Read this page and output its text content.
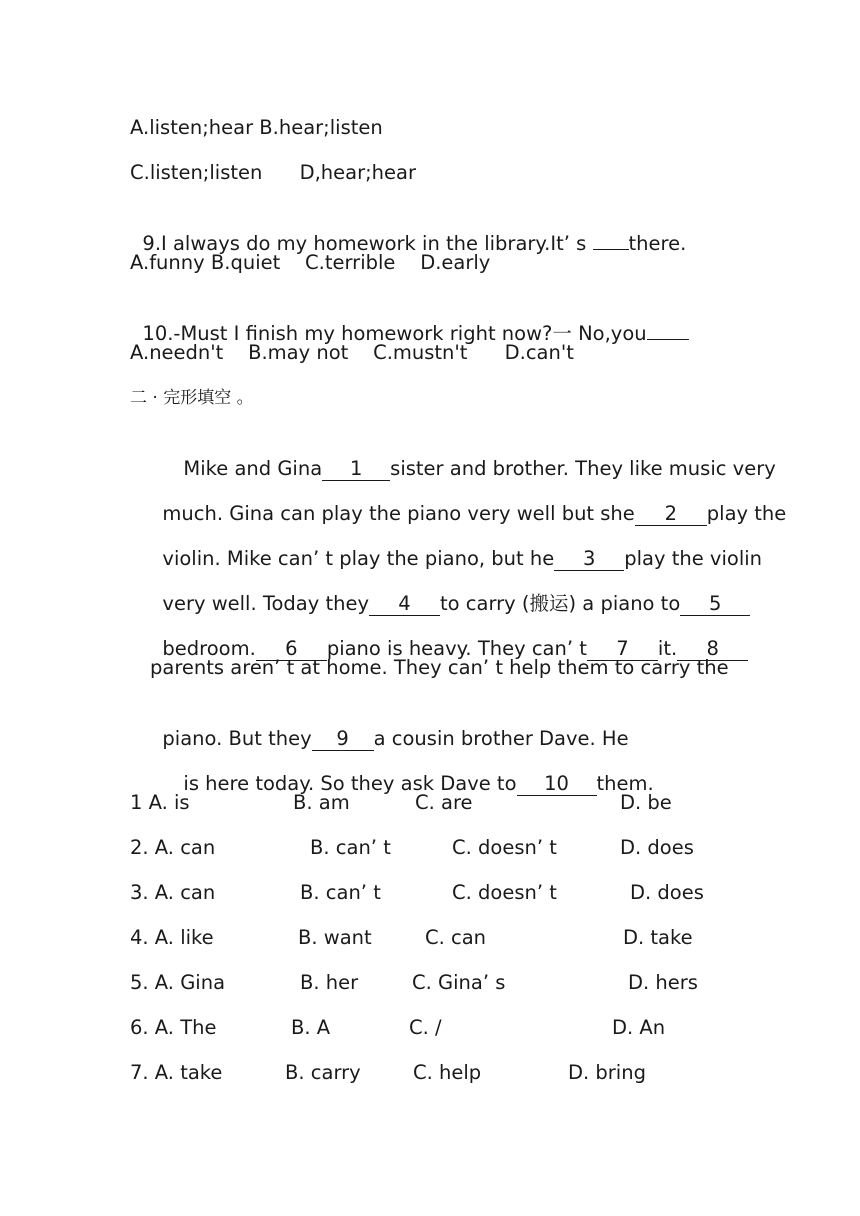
A.listen;hear B.hear;listen
C.listen;listen      D,hear;hear

9.I always do my homework in the library.It’ s there.

A.funny B.quiet    C.terrible    D.early

10.-Must I finish my homework right now?一 No,you

A.needn't    B.may not    C.mustn't      D.can't
二 · 完形填空 。

Mike and Gina 1 sister and brother. They like music very

much. Gina can play the piano very well but she 2 play the

violin. Mike can’ t play the piano, but he 3 play the violin

very well. Today they 4 to carry (搬运) a piano to 5

bedroom. 6 piano is heavy. They can’ t 7 it. 8

parents aren’ t at home. They can’ t help them to carry the

piano. But they 9 a cousin brother Dave. He

is here today. So they ask Dave to 10 them.

1 A. is

	B. am

	C. are

	D. be

2. A. can

	B. can’ t

	C. doesn’ t

	D. does

3. A. can

	B. can’ t

	C. doesn’ t

	D. does

4. A. like

	B. want

	C. can

	D. take

5. A. Gina

	B. her

	C. Gina’ s

	D. hers

6. A. The

	B. A

	C. /

	D. An

7. A. take

	B. carry

	C. help

	D. bring
